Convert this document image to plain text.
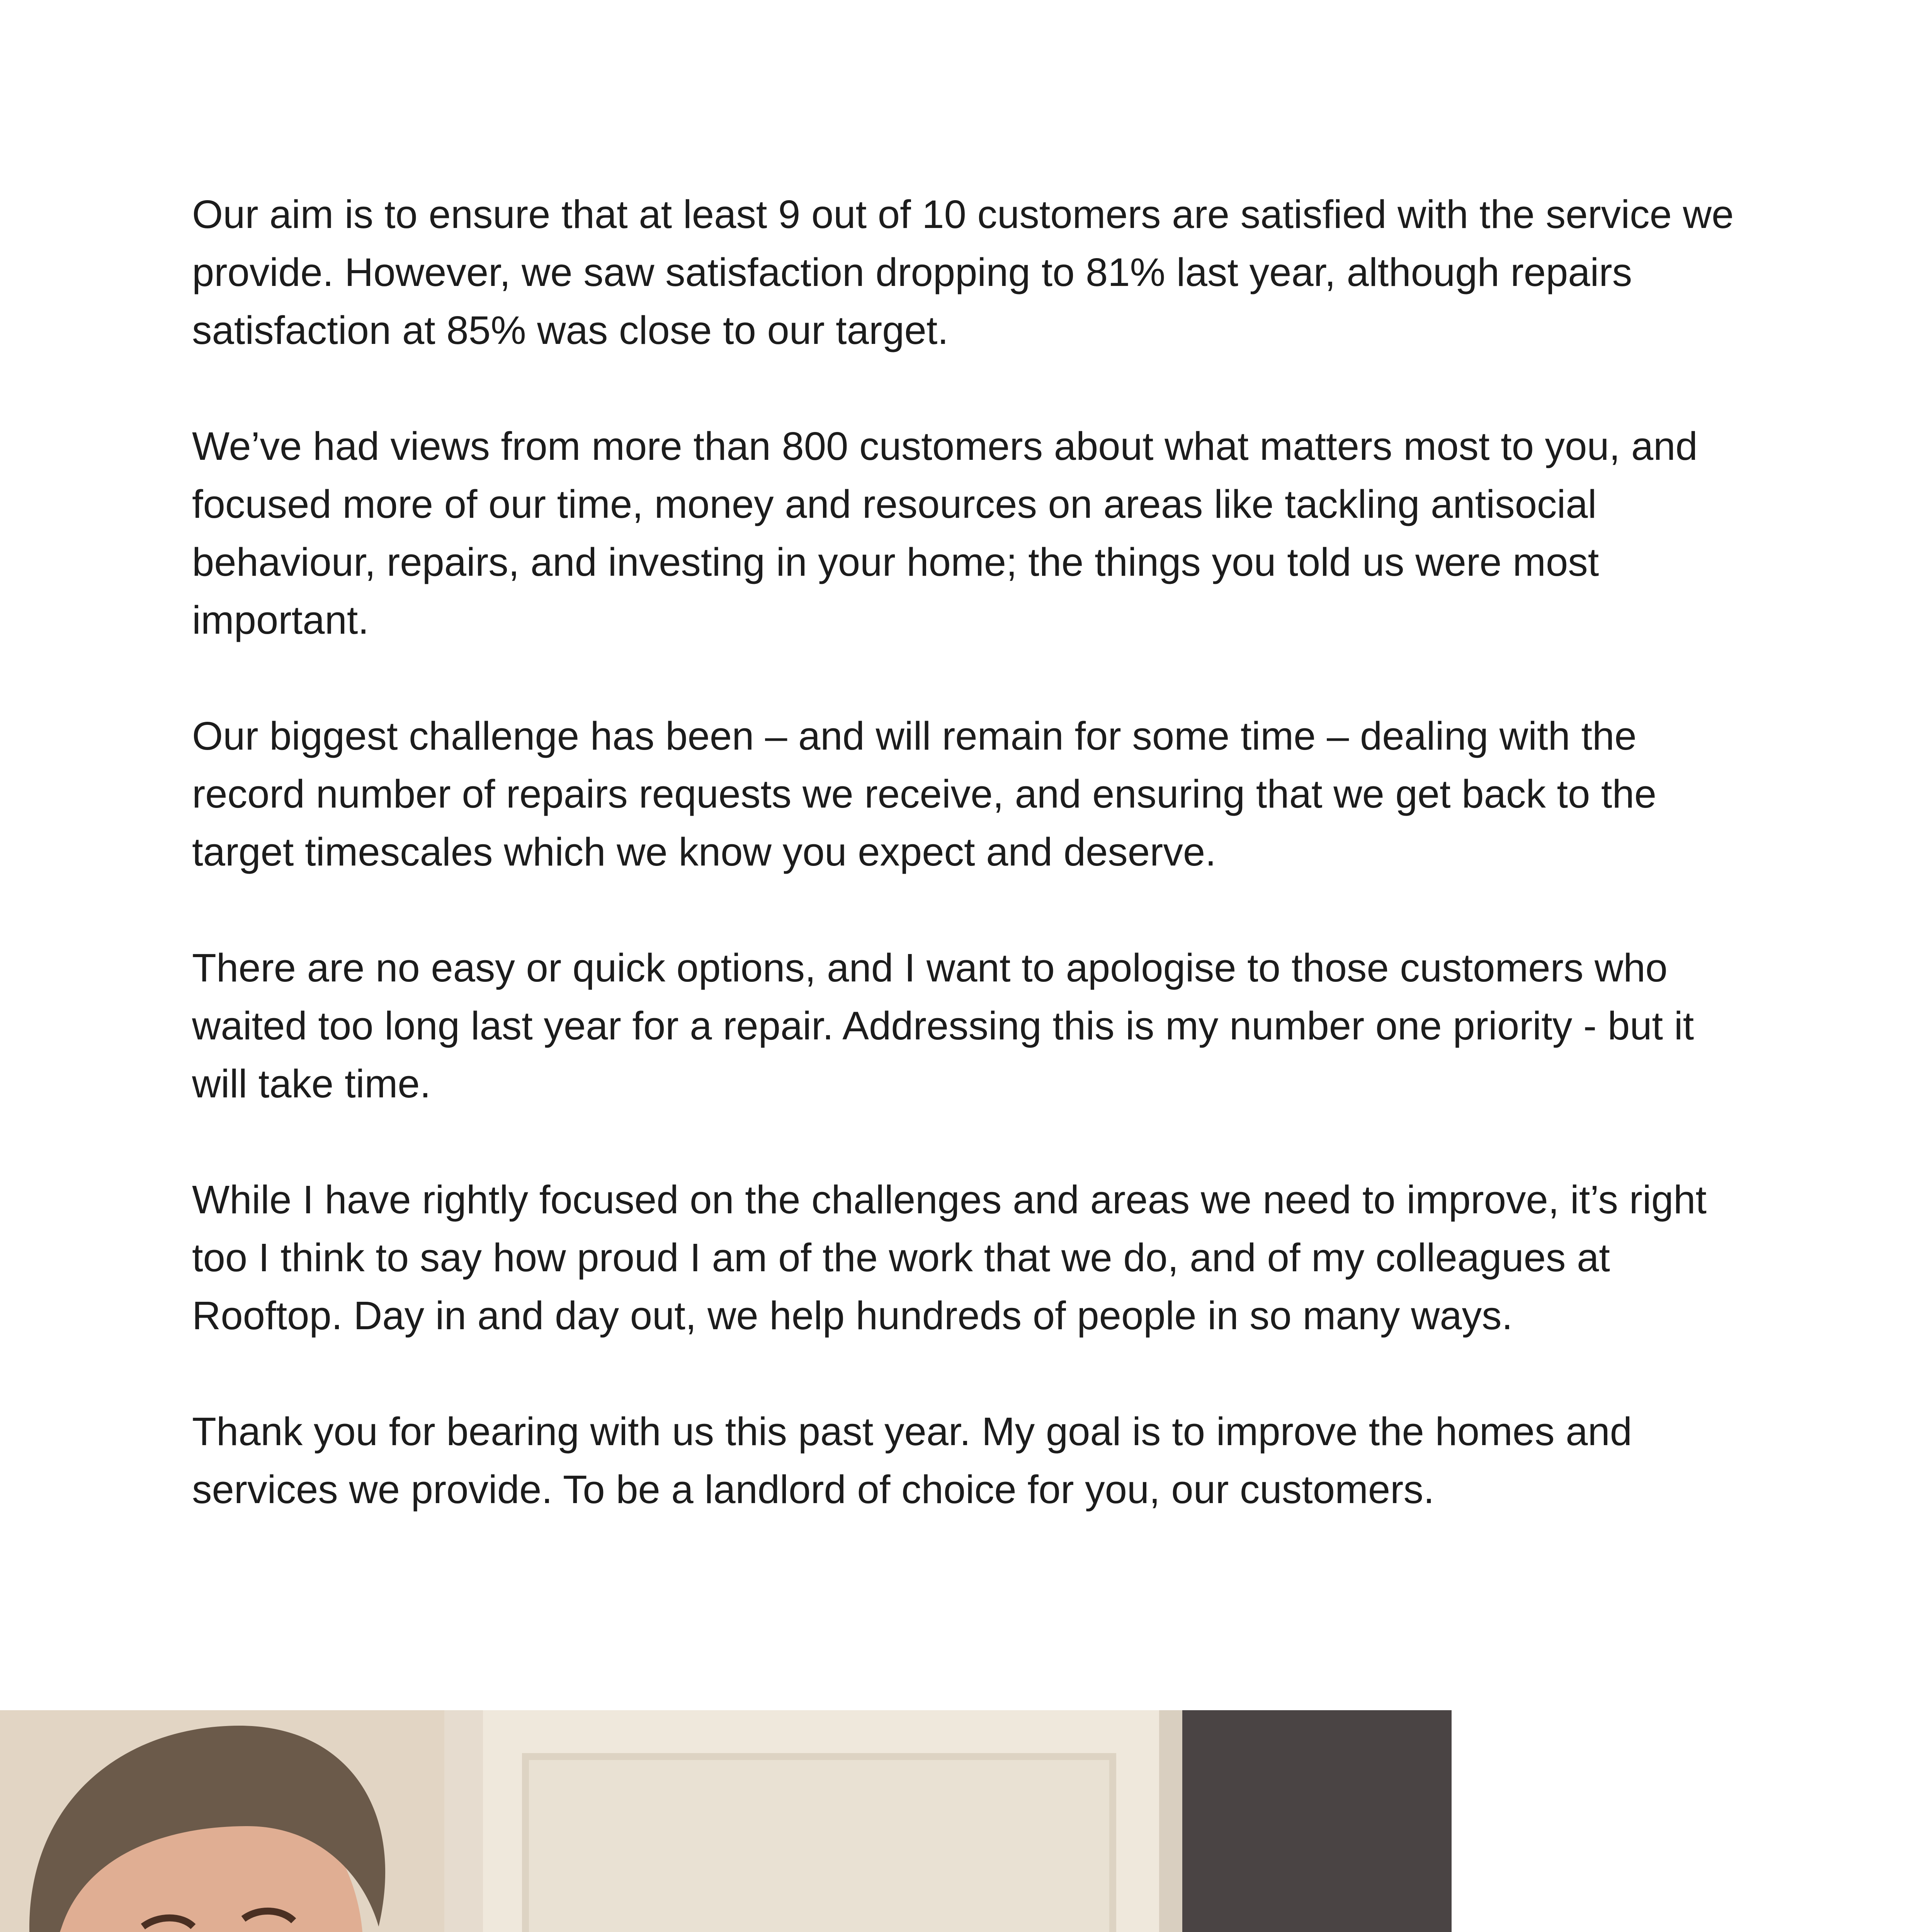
Our aim is to ensure that at least 9 out of 10 customers are satisfied with the service we provide. However, we saw satisfaction dropping to 81% last year, although repairs satisfaction at 85% was close to our target.

We’ve had views from more than 800 customers about what matters most to you, and focused more of our time, money and resources on areas like tackling antisocial behaviour, repairs, and investing in your home; the things you told us were most important.

Our biggest challenge has been – and will remain for some time – dealing with the record number of repairs requests we receive, and ensuring that we get back to the target timescales which we know you expect and deserve.

There are no easy or quick options, and I want to apologise to those customers who waited too long last year for a repair. Addressing this is my number one priority - but it will take time.

While I have rightly focused on the challenges and areas we need to improve, it’s right too I think to say how proud I am of the work that we do, and of my colleagues at Rooftop. Day in and day out, we help hundreds of people in so many ways.

Thank you for bearing with us this past year. My goal is to improve the homes and services we provide. To be a landlord of choice for you, our customers.
